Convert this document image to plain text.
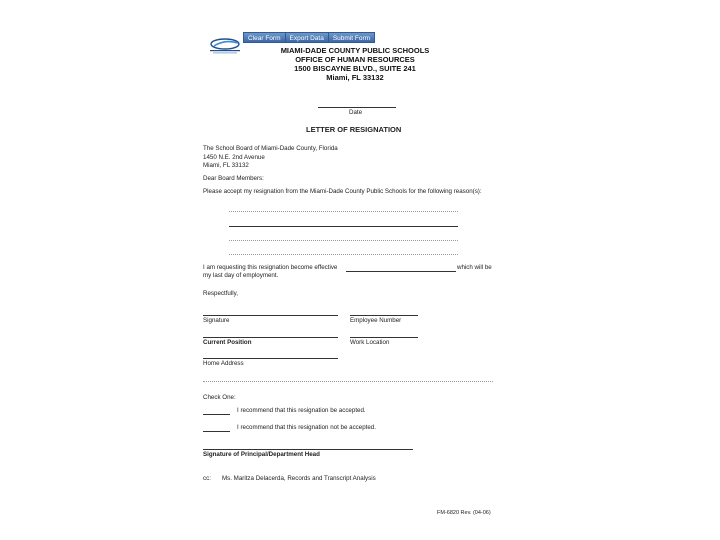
Clear Form	Export Data	Submit Form
MIAMI-DADE COUNTY PUBLIC SCHOOLS
OFFICE OF HUMAN RESOURCES
1500 BISCAYNE BLVD., SUITE 241
Miami, FL 33132
Date
LETTER OF RESIGNATION
The School Board of Miami-Dade County, Florida
1450 N.E. 2nd Avenue
Miami, FL 33132
Dear Board Members:
Please accept my resignation from the Miami-Dade County Public Schools for the following reason(s):
I am requesting this resignation become effective	which will be
my last day of employment.
Respectfully,
Signature	Employee Number
Current Position	Work Location
Home Address
Check One:
I recommend that this resignation be accepted.
I recommend that this resignation not be accepted.
Signature of Principal/Department Head
cc: Ms. Maritza Delacerda, Records and Transcript Analysis
FM-6820 Rev. (04-06)
